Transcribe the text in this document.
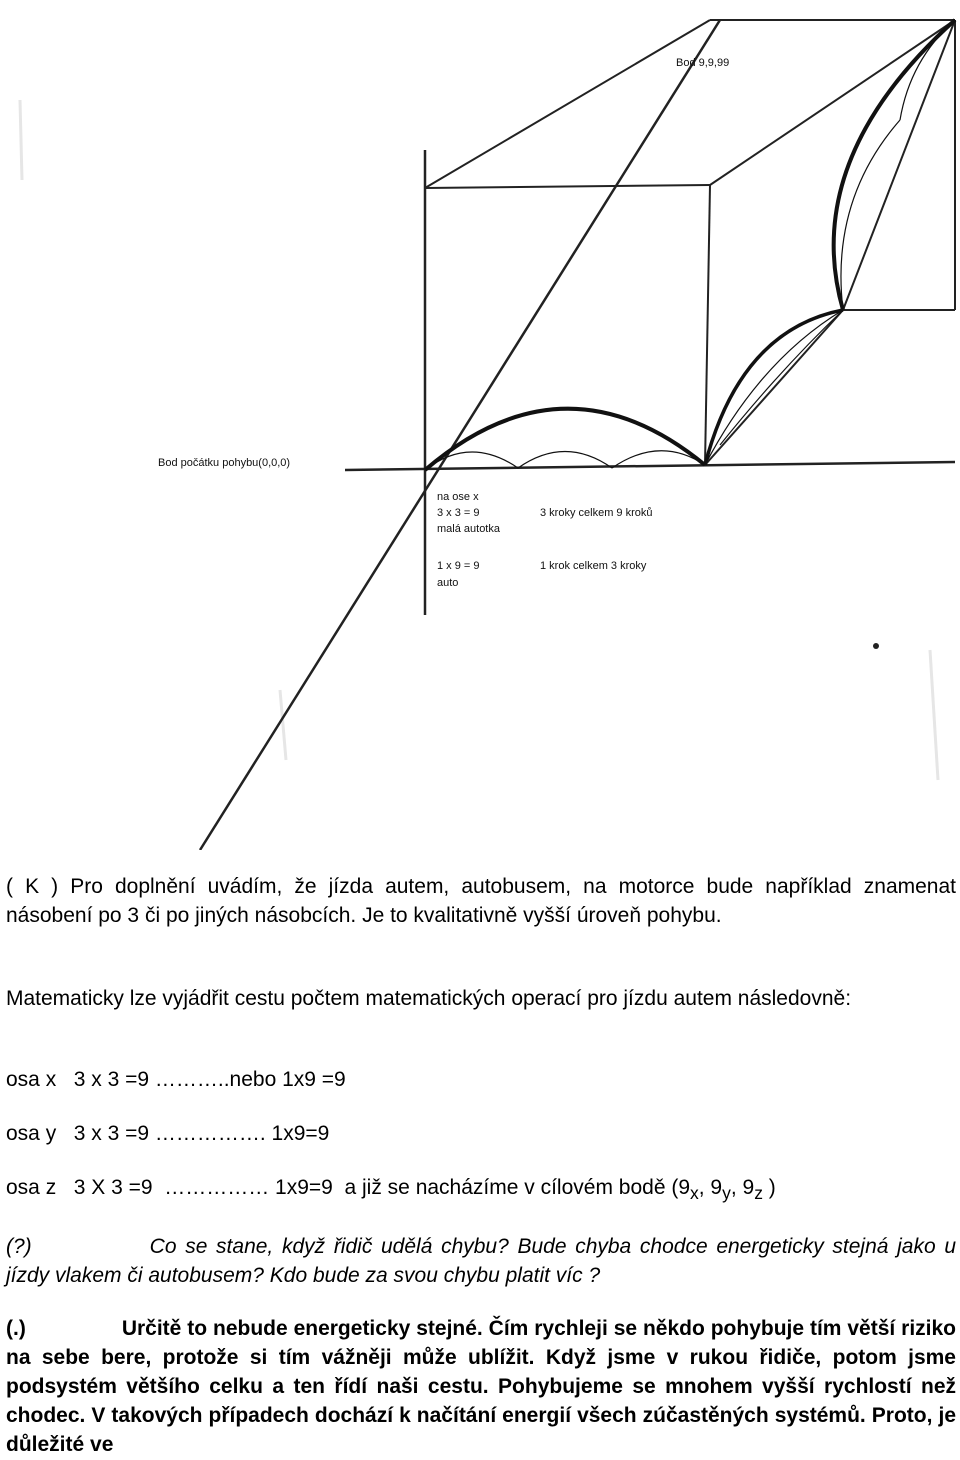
Bod 9,9,99
Bod počátku pohybu(0,0,0)
na ose x
3 x 3 = 9
malá autotka
3 kroky celkem 9 kroků
1 x 9 = 9
auto
1 krok celkem 3 kroky
( K ) Pro doplnění uvádím, že jízda autem, autobusem, na motorce bude například znamenat násobení po 3 či po jiných násobcích. Je to kvalitativně vyšší úroveň pohybu.
Matematicky lze vyjádřit cestu počtem matematických operací pro jízdu autem následovně:
osa x 3 x 3 =9 ………..nebo 1x9 =9
osa y 3 x 3 =9 ……………. 1x9=9
osa z 3 X 3 =9  …………… 1x9=9  a již se nacházíme v cílovém bodě ($9_x$, $9_y$, $9_z$ )
(?)	Co se stane, když řidič udělá chybu? Bude chyba chodce energeticky stejná jako u jízdy vlakem či autobusem? Kdo bude za svou chybu platit víc ?
(.)	Určitě to nebude energeticky stejné. Čím rychleji se někdo pohybuje tím větší riziko na sebe bere, protože si tím vážněji může ublížit. Když jsme v rukou řidiče, potom jsme podsystém většího celku a ten řídí naši cestu. Pohybujeme se mnohem vyšší rychlostí než chodec. V takových případech dochází k načítání energií všech zúčastěných systémů. Proto, je důležité ve
